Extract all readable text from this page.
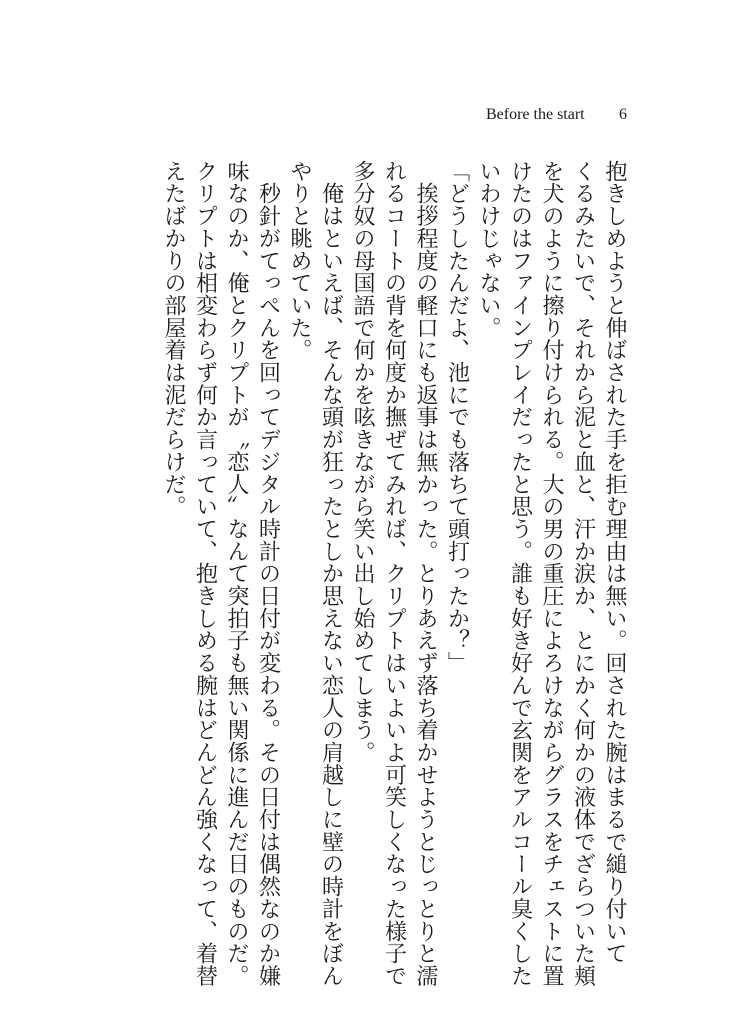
Before the start 6
抱きしめようと伸ばされた手を拒む理由は無い。回された腕はまるで縋り付いて
くるみたいで、それから泥と血と、汗か涙か、とにかく何かの液体でざらついた頬
を犬のように擦り付けられる。大の男の重圧によろけながらグラスをチェストに置
けたのはファインプレイだったと思う。誰も好き好んで玄関をアルコール臭くした
いわけじゃない。
「どうしたんだよ、池にでも落ちて頭打ったか？」
　挨拶程度の軽口にも返事は無かった。とりあえず落ち着かせようとじっとりと濡
れるコートの背を何度か撫ぜてみれば、クリプトはいよいよ可笑しくなった様子で
多分奴の母国語で何かを呟きながら笑い出し始めてしまう。
　俺はといえば、そんな頭が狂ったとしか思えない恋人の肩越しに壁の時計をぼん
やりと眺めていた。
　秒針がてっぺんを回ってデジタル時計の日付が変わる。その日付は偶然なのか嫌
味なのか、俺とクリプトが〝恋人〟なんて突拍子も無い関係に進んだ日のものだ。
クリプトは相変わらず何か言っていて、抱きしめる腕はどんどん強くなって、着替
えたばかりの部屋着は泥だらけだ。
